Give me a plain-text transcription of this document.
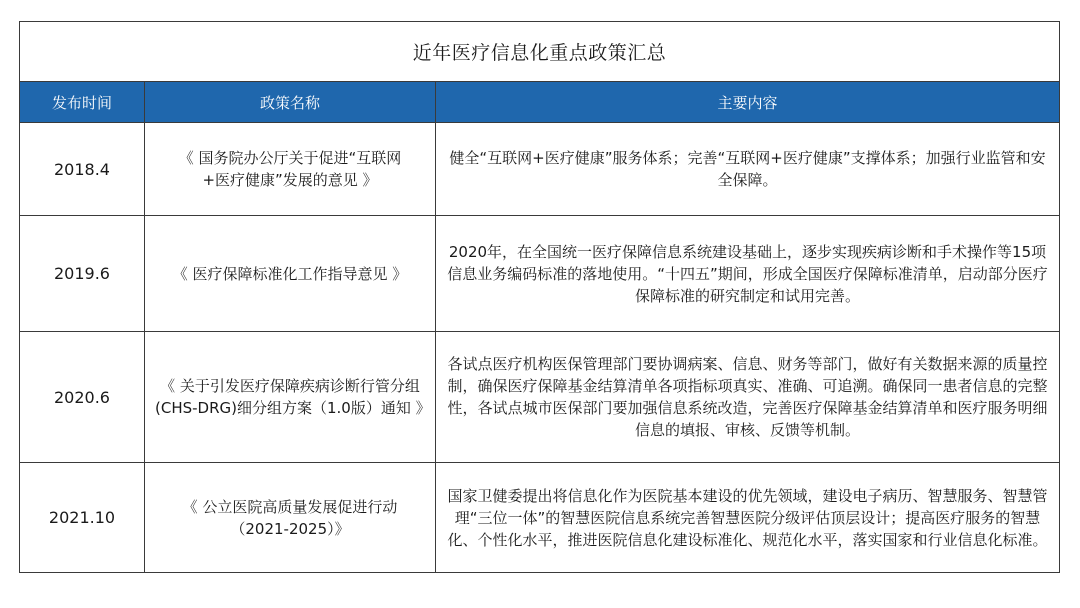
近年医疗信息化重点政策汇总		
发布时间	政策名称	主要内容
2018.4	《 国务院办公厅关于促进“互联网+医疗健康”发展的意见 》	健全“互联网+医疗健康”服务体系；完善“互联网+医疗健康”支撑体系；加强行业监管和安全保障。
2019.6	《 医疗保障标准化工作指导意见 》	2020年，在全国统一医疗保障信息系统建设基础上，逐步实现疾病诊断和手术操作等15项信息业务编码标准的落地使用。“十四五”期间，形成全国医疗保障标准清单，启动部分医疗保障标准的研究制定和试用完善。
2020.6	《 关于引发医疗保障疾病诊断行管分组(CHS-DRG)细分组方案（1.0版）通知 》	各试点医疗机构医保管理部门要协调病案、信息、财务等部门，做好有关数据来源的质量控制，确保医疗保障基金结算清单各项指标项真实、准确、可追溯。确保同一患者信息的完整性，各试点城市医保部门要加强信息系统改造，完善医疗保障基金结算清单和医疗服务明细信息的填报、审核、反馈等机制。
2021.10	《 公立医院高质量发展促进行动（2021-2025）》	国家卫健委提出将信息化作为医院基本建设的优先领域，建设电子病历、智慧服务、智慧管理“三位一体”的智慧医院信息系统完善智慧医院分级评估顶层设计；提高医疗服务的智慧化、个性化水平，推进医院信息化建设标准化、规范化水平，落实国家和行业信息化标准。
